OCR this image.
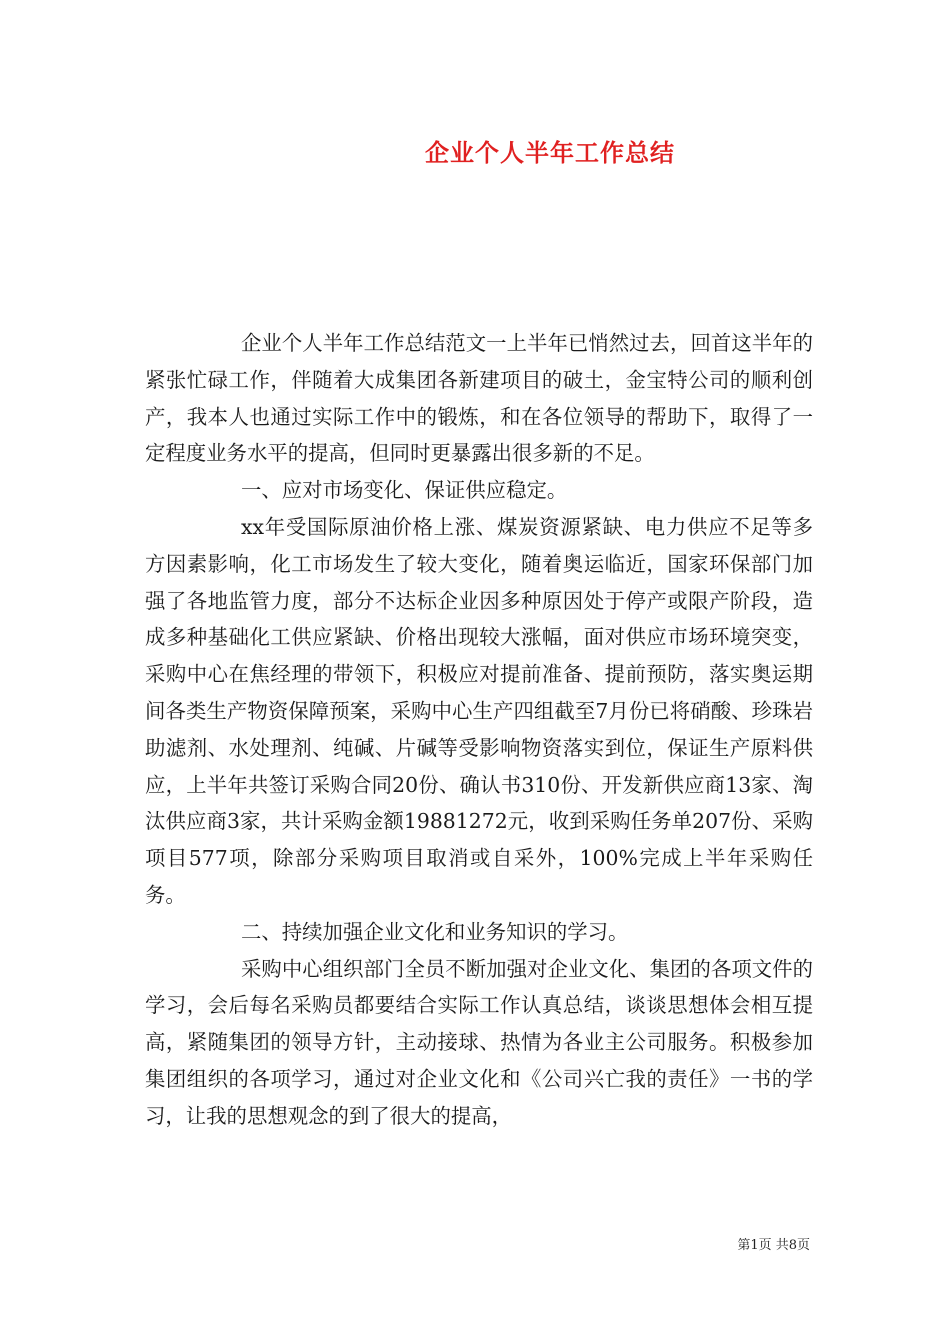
企业个人半年工作总结

企业个人半年工作总结范文一上半年已悄然过去，回首这半年的紧张忙碌工作，伴随着大成集团各新建项目的破土，金宝特公司的顺利创产，我本人也通过实际工作中的锻炼，和在各位领导的帮助下，取得了一定程度业务水平的提高，但同时更暴露出很多新的不足。

一、应对市场变化、保证供应稳定。

xx年受国际原油价格上涨、煤炭资源紧缺、电力供应不足等多方因素影响，化工市场发生了较大变化，随着奥运临近，国家环保部门加强了各地监管力度，部分不达标企业因多种原因处于停产或限产阶段，造成多种基础化工供应紧缺、价格出现较大涨幅，面对供应市场环境突变，采购中心在焦经理的带领下，积极应对提前准备、提前预防，落实奥运期间各类生产物资保障预案，采购中心生产四组截至7月份已将硝酸、珍珠岩助滤剂、水处理剂、纯碱、片碱等受影响物资落实到位，保证生产原料供应，上半年共签订采购合同20份、确认书310份、开发新供应商13家、淘汰供应商3家，共计采购金额19881272元，收到采购任务单207份、采购项目577项，除部分采购项目取消或自采外，100%完成上半年采购任务。

二、持续加强企业文化和业务知识的学习。

采购中心组织部门全员不断加强对企业文化、集团的各项文件的学习，会后每名采购员都要结合实际工作认真总结，谈谈思想体会相互提高，紧随集团的领导方针，主动接球、热情为各业主公司服务。积极参加集团组织的各项学习，通过对企业文化和《公司兴亡我的责任》一书的学习，让我的思想观念的到了很大的提高，

第1页 共8页
